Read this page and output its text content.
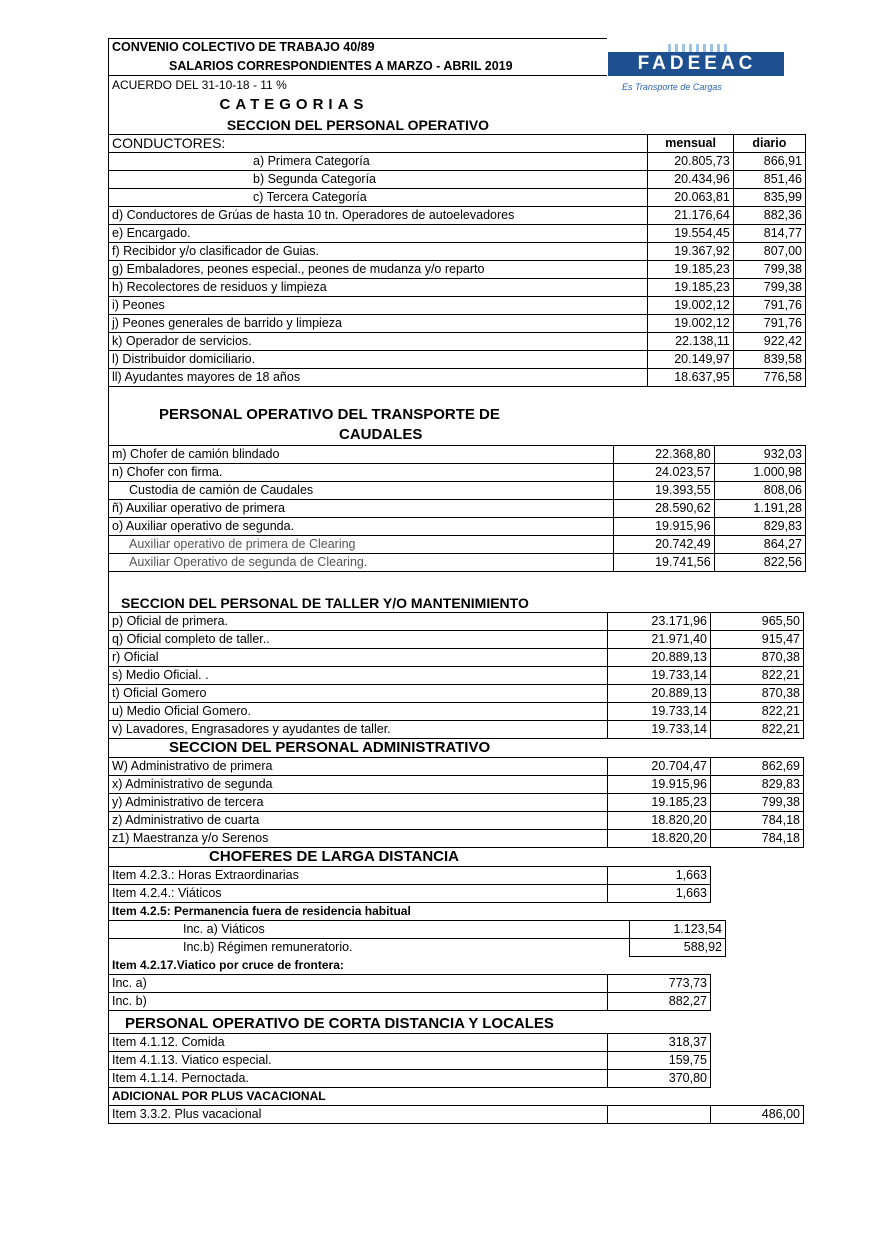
CONVENIO COLECTIVO DE TRABAJO 40/89
SALARIOS CORRESPONDIENTES A MARZO - ABRIL 2019
ACUERDO DEL 31-10-18 - 11 %
CATEGORIAS
SECCION DEL PERSONAL OPERATIVO
CONDUCTORES:	mensual	diario
a) Primera Categoría	20.805,73	866,91
b) Segunda Categoría	20.434,96	851,46
c) Tercera Categoría	20.063,81	835,99
d) Conductores de Grúas de hasta 10 tn. Operadores de autoelevadores	21.176,64	882,36
e) Encargado.	19.554,45	814,77
f) Recibidor y/o clasificador de Guias.	19.367,92	807,00
g) Embaladores, peones especial., peones de mudanza y/o reparto	19.185,23	799,38
h) Recolectores de residuos y limpieza	19.185,23	799,38
i) Peones	19.002,12	791,76
j) Peones generales de barrido y limpieza	19.002,12	791,76
k) Operador de servicios.	22.138,11	922,42
l) Distribuidor domiciliario.	20.149,97	839,58
ll) Ayudantes mayores de 18 años	18.637,95	776,58
PERSONAL OPERATIVO DEL TRANSPORTE DE
CAUDALES
m) Chofer de camión blindado	22.368,80	932,03
n) Chofer con firma.	24.023,57	1.000,98
Custodia de camión de Caudales	19.393,55	808,06
ñ) Auxiliar operativo de primera	28.590,62	1.191,28
o) Auxiliar operativo de segunda.	19.915,96	829,83
Auxiliar operativo de primera de Clearing	20.742,49	864,27
Auxiliar Operativo de segunda de Clearing.	19.741,56	822,56
SECCION DEL PERSONAL DE TALLER Y/O MANTENIMIENTO
p) Oficial de primera.	23.171,96	965,50
q) Oficial completo de taller..	21.971,40	915,47
r) Oficial	20.889,13	870,38
s) Medio Oficial. .	19.733,14	822,21
t) Oficial Gomero	20.889,13	870,38
u) Medio Oficial Gomero.	19.733,14	822,21
v) Lavadores, Engrasadores y ayudantes de taller.	19.733,14	822,21
SECCION DEL PERSONAL ADMINISTRATIVO
W) Administrativo de primera	20.704,47	862,69
x) Administrativo de segunda	19.915,96	829,83
y) Administrativo de tercera	19.185,23	799,38
z) Administrativo de cuarta	18.820,20	784,18
z1) Maestranza y/o Serenos	18.820,20	784,18
CHOFERES DE LARGA DISTANCIA
Item 4.2.3.: Horas Extraordinarias	1,663	
Item 4.2.4.: Viáticos	1,663	
Item 4.2.5: Permanencia fuera de residencia habitual
Inc. a) Viáticos	1.123,54	
Inc.b) Régimen remuneratorio.	588,92	
Item 4.2.17.Viatico por cruce de frontera:
Inc. a)	773,73	
Inc. b)	882,27	
PERSONAL OPERATIVO DE CORTA DISTANCIA Y LOCALES
Item 4.1.12. Comida	318,37	
Item 4.1.13. Viatico especial.	159,75	
Item 4.1.14. Pernoctada.	370,80	
ADICIONAL POR PLUS VACACIONAL
Item 3.3.2. Plus vacacional		486,00
FADEEAC
Es Transporte de Cargas
